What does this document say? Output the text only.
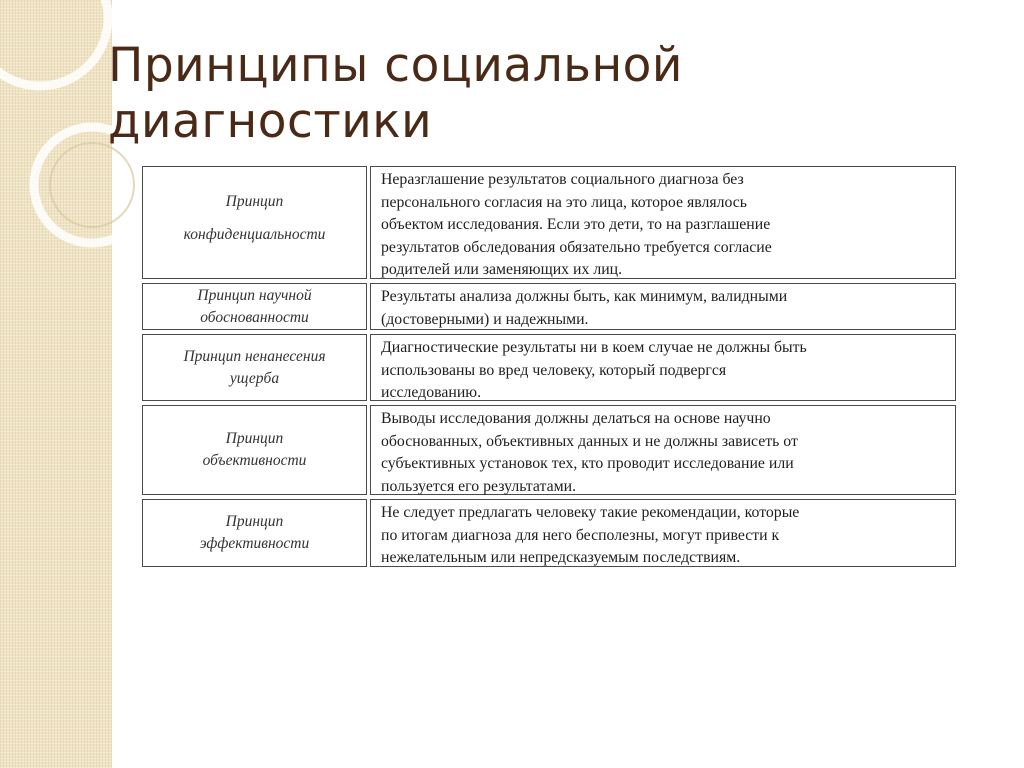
Принципы социальной
диагностики
Принцип
конфиденциальности
Неразглашение результатов социального диагноза без
персонального согласия на это лица, которое являлось
объектом исследования. Если это дети, то на разглашение
результатов обследования обязательно требуется согласие
родителей или заменяющих их лиц.
Принцип научной
обоснованности
Результаты анализа должны быть, как минимум, валидными
(достоверными) и надежными.
Принцип ненанесения
ущерба
Диагностические результаты ни в коем случае не должны быть
использованы во вред человеку, который подвергся
исследованию.
Принцип
объективности
Выводы исследования должны делаться на основе научно
обоснованных, объективных данных и не должны зависеть от
субъективных установок тех, кто проводит исследование или
пользуется его результатами.
Принцип
эффективности
Не следует предлагать человеку такие рекомендации, которые
по итогам диагноза для него бесполезны, могут привести к
нежелательным или непредсказуемым последствиям.
